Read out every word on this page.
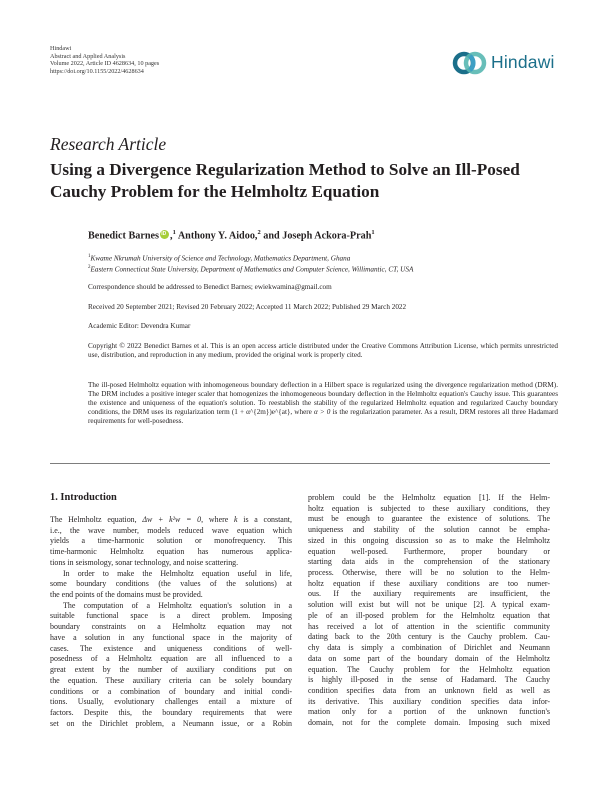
Hindawi
Abstract and Applied Analysis
Volume 2022, Article ID 4628634, 10 pages
https://doi.org/10.1155/2022/4628634	Hindawi
Research Article
Using a Divergence Regularization Method to Solve an Ill-Posed Cauchy Problem for the Helmholtz Equation
Benedict BarnesiD ,$^1$ Anthony Y. Aidoo,$^2$ and Joseph Ackora-Prah$^1$
$^1$Kwame Nkrumah University of Science and Technology, Mathematics Department, Ghana
$^2$Eastern Connecticut State University, Department of Mathematics and Computer Science, Willimantic, CT, USA
Correspondence should be addressed to Benedict Barnes; ewiekwamina@gmail.com
Received 20 September 2021; Revised 20 February 2022; Accepted 11 March 2022; Published 29 March 2022
Academic Editor: Devendra Kumar
Copyright © 2022 Benedict Barnes et al. This is an open access article distributed under the Creative Commons Attribution License, which permits unrestricted use, distribution, and reproduction in any medium, provided the original work is properly cited.
The ill-posed Helmholtz equation with inhomogeneous boundary deflection in a Hilbert space is regularized using the divergence regularization method (DRM). The DRM includes a positive integer scaler that homogenizes the inhomogeneous boundary deflection in the Helmholtz equation's Cauchy issue. This guarantees the existence and uniqueness of the equation's solution. To reestablish the stability of the regularized Helmholtz equation and regularized Cauchy boundary conditions, the DRM uses its regularization term (1 + α^{2m})e^{at}, where α > 0 is the regularization parameter. As a result, DRM restores all three Hadamard requirements for well-posedness.
1. Introduction
The Helmholtz equation, Δw + k²w = 0, where k is a constant,
i.e., the wave number, models reduced wave equation which
yields a time-harmonic solution or monofrequency. This
time-harmonic Helmholtz equation has numerous applica-
tions in seismology, sonar technology, and noise scattering.
In order to make the Helmholtz equation useful in life,
some boundary conditions (the values of the solutions) at
the end points of the domains must be provided.
The computation of a Helmholtz equation's solution in a
suitable functional space is a direct problem. Imposing
boundary constraints on a Helmholtz equation may not
have a solution in any functional space in the majority of
cases. The existence and uniqueness conditions of well-
posedness of a Helmholtz equation are all influenced to a
great extent by the number of auxiliary conditions put on
the equation. These auxiliary criteria can be solely boundary
conditions or a combination of boundary and initial condi-
tions. Usually, evolutionary challenges entail a mixture of
factors. Despite this, the boundary requirements that were
set on the Dirichlet problem, a Neumann issue, or a Robin
problem could be the Helmholtz equation [1]. If the Helm-
holtz equation is subjected to these auxiliary conditions, they
must be enough to guarantee the existence of solutions. The
uniqueness and stability of the solution cannot be empha-
sized in this ongoing discussion so as to make the Helmholtz
equation well-posed. Furthermore, proper boundary or
starting data aids in the comprehension of the stationary
process. Otherwise, there will be no solution to the Helm-
holtz equation if these auxiliary conditions are too numer-
ous. If the auxiliary requirements are insufficient, the
solution will exist but will not be unique [2]. A typical exam-
ple of an ill-posed problem for the Helmholtz equation that
has received a lot of attention in the scientific community
dating back to the 20th century is the Cauchy problem. Cau-
chy data is simply a combination of Dirichlet and Neumann
data on some part of the boundary domain of the Helmholtz
equation. The Cauchy problem for the Helmholtz equation
is highly ill-posed in the sense of Hadamard. The Cauchy
condition specifies data from an unknown field as well as
its derivative. This auxiliary condition specifies data infor-
mation only for a portion of the unknown function's
domain, not for the complete domain. Imposing such mixed
